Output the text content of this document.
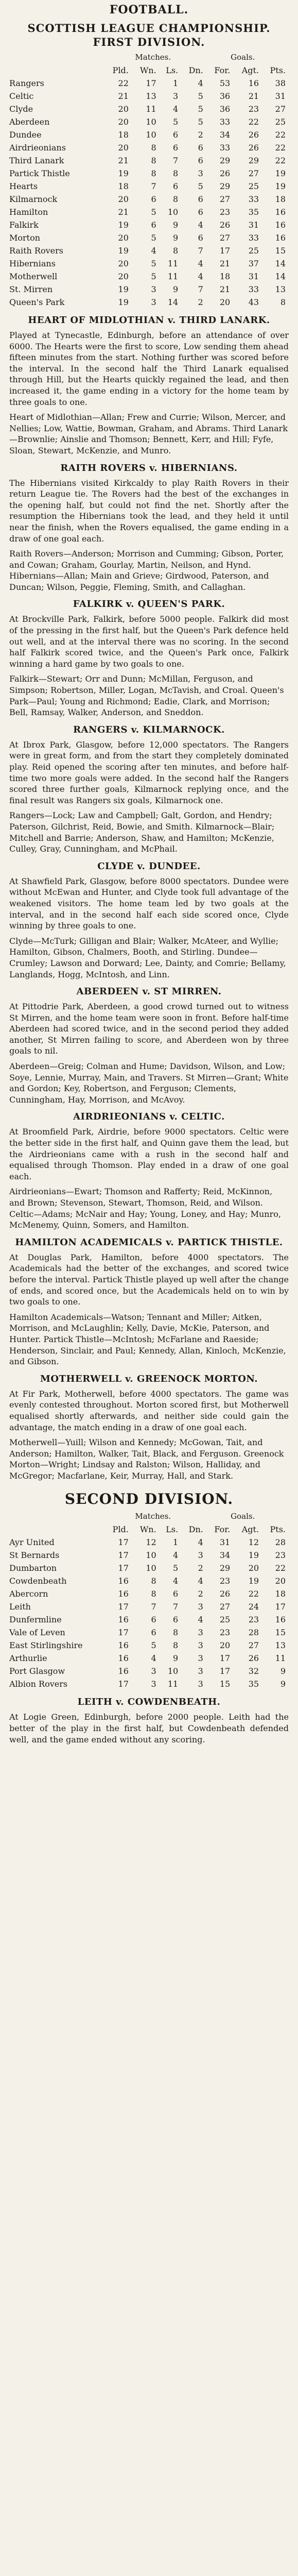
FOOTBALL.
SCOTTISH LEAGUE CHAMPIONSHIP.
FIRST DIVISION.
Matches.	Goals.
	Pld.	Wn.	Ls.	Dn.	For.	Agt.	Pts.
Rangers	22	17	1	4	53	16	38
Celtic	21	13	3	5	36	21	31
Clyde	20	11	4	5	36	23	27
Aberdeen	20	10	5	5	33	22	25
Dundee	18	10	6	2	34	26	22
Airdrieonians	20	8	6	6	33	26	22
Third Lanark	21	8	7	6	29	29	22
Partick Thistle	19	8	8	3	26	27	19
Hearts	18	7	6	5	29	25	19
Kilmarnock	20	6	8	6	27	33	18
Hamilton	21	5	10	6	23	35	16
Falkirk	19	6	9	4	26	31	16
Morton	20	5	9	6	27	33	16
Raith Rovers	19	4	8	7	17	25	15
Hibernians	20	5	11	4	21	37	14
Motherwell	20	5	11	4	18	31	14
St. Mirren	19	3	9	7	21	33	13
Queen's Park	19	3	14	2	20	43	8
HEART OF MIDLOTHIAN v. THIRD LANARK.

Played at Tynecastle, Edinburgh, before an attendance of over 6000. The Hearts were the first to score, Low sending them ahead fifteen minutes from the start. Nothing further was scored before the interval. In the second half the Third Lanark equalised through Hill, but the Hearts quickly regained the lead, and then increased it, the game ending in a victory for the home team by three goals to one.

Heart of Midlothian—Allan; Frew and Currie; Wilson, Mercer, and Nellies; Low, Wattie, Bowman, Graham, and Abrams. Third Lanark—Brownlie; Ainslie and Thomson; Bennett, Kerr, and Hill; Fyfe, Sloan, Stewart, McKenzie, and Munro.
RAITH ROVERS v. HIBERNIANS.

The Hibernians visited Kirkcaldy to play Raith Rovers in their return League tie. The Rovers had the best of the exchanges in the opening half, but could not find the net. Shortly after the resumption the Hibernians took the lead, and they held it until near the finish, when the Rovers equalised, the game ending in a draw of one goal each.

Raith Rovers—Anderson; Morrison and Cumming; Gibson, Porter, and Cowan; Graham, Gourlay, Martin, Neilson, and Hynd. Hibernians—Allan; Main and Grieve; Girdwood, Paterson, and Duncan; Wilson, Peggie, Fleming, Smith, and Callaghan.
FALKIRK v. QUEEN'S PARK.

At Brockville Park, Falkirk, before 5000 people. Falkirk did most of the pressing in the first half, but the Queen's Park defence held out well, and at the interval there was no scoring. In the second half Falkirk scored twice, and the Queen's Park once, Falkirk winning a hard game by two goals to one.

Falkirk—Stewart; Orr and Dunn; McMillan, Ferguson, and Simpson; Robertson, Miller, Logan, McTavish, and Croal. Queen's Park—Paul; Young and Richmond; Eadie, Clark, and Morrison; Bell, Ramsay, Walker, Anderson, and Sneddon.
RANGERS v. KILMARNOCK.

At Ibrox Park, Glasgow, before 12,000 spectators. The Rangers were in great form, and from the start they completely dominated play. Reid opened the scoring after ten minutes, and before half-time two more goals were added. In the second half the Rangers scored three further goals, Kilmarnock replying once, and the final result was Rangers six goals, Kilmarnock one.

Rangers—Lock; Law and Campbell; Galt, Gordon, and Hendry; Paterson, Gilchrist, Reid, Bowie, and Smith. Kilmarnock—Blair; Mitchell and Barrie; Anderson, Shaw, and Hamilton; McKenzie, Culley, Gray, Cunningham, and McPhail.
CLYDE v. DUNDEE.

At Shawfield Park, Glasgow, before 8000 spectators. Dundee were without McEwan and Hunter, and Clyde took full advantage of the weakened visitors. The home team led by two goals at the interval, and in the second half each side scored once, Clyde winning by three goals to one.

Clyde—McTurk; Gilligan and Blair; Walker, McAteer, and Wyllie; Hamilton, Gibson, Chalmers, Booth, and Stirling. Dundee—Crumley; Lawson and Dorward; Lee, Dainty, and Comrie; Bellamy, Langlands, Hogg, McIntosh, and Linn.
ABERDEEN v. ST MIRREN.

At Pittodrie Park, Aberdeen, a good crowd turned out to witness St Mirren, and the home team were soon in front. Before half-time Aberdeen had scored twice, and in the second period they added another, St Mirren failing to score, and Aberdeen won by three goals to nil.

Aberdeen—Greig; Colman and Hume; Davidson, Wilson, and Low; Soye, Lennie, Murray, Main, and Travers. St Mirren—Grant; White and Gordon; Key, Robertson, and Ferguson; Clements, Cunningham, Hay, Morrison, and McAvoy.
AIRDRIEONIANS v. CELTIC.

At Broomfield Park, Airdrie, before 9000 spectators. Celtic were the better side in the first half, and Quinn gave them the lead, but the Airdrieonians came with a rush in the second half and equalised through Thomson. Play ended in a draw of one goal each.

Airdrieonians—Ewart; Thomson and Rafferty; Reid, McKinnon, and Brown; Stevenson, Stewart, Thomson, Reid, and Wilson. Celtic—Adams; McNair and Hay; Young, Loney, and Hay; Munro, McMenemy, Quinn, Somers, and Hamilton.
HAMILTON ACADEMICALS v. PARTICK THISTLE.

At Douglas Park, Hamilton, before 4000 spectators. The Academicals had the better of the exchanges, and scored twice before the interval. Partick Thistle played up well after the change of ends, and scored once, but the Academicals held on to win by two goals to one.

Hamilton Academicals—Watson; Tennant and Miller; Aitken, Morrison, and McLaughlin; Kelly, Davie, McKie, Paterson, and Hunter. Partick Thistle—McIntosh; McFarlane and Raeside; Henderson, Sinclair, and Paul; Kennedy, Allan, Kinloch, McKenzie, and Gibson.
MOTHERWELL v. GREENOCK MORTON.

At Fir Park, Motherwell, before 4000 spectators. The game was evenly contested throughout. Morton scored first, but Motherwell equalised shortly afterwards, and neither side could gain the advantage, the match ending in a draw of one goal each.

Motherwell—Yuill; Wilson and Kennedy; McGowan, Tait, and Anderson; Hamilton, Walker, Tait, Black, and Ferguson. Greenock Morton—Wright; Lindsay and Ralston; Wilson, Halliday, and McGregor; Macfarlane, Keir, Murray, Hall, and Stark.
SECOND DIVISION.
Matches.	Goals.
	Pld.	Wn.	Ls.	Dn.	For.	Agt.	Pts.
Ayr United	17	12	1	4	31	12	28
St Bernards	17	10	4	3	34	19	23
Dumbarton	17	10	5	2	29	20	22
Cowdenbeath	16	8	4	4	23	19	20
Abercorn	16	8	6	2	26	22	18
Leith	17	7	7	3	27	24	17
Dunfermline	16	6	6	4	25	23	16
Vale of Leven	17	6	8	3	23	28	15
East Stirlingshire	16	5	8	3	20	27	13
Arthurlie	16	4	9	3	17	26	11
Port Glasgow	16	3	10	3	17	32	9
Albion Rovers	17	3	11	3	15	35	9
LEITH v. COWDENBEATH.

At Logie Green, Edinburgh, before 2000 people. Leith had the better of the play in the first half, but Cowdenbeath defended well, and the game ended without any scoring.
